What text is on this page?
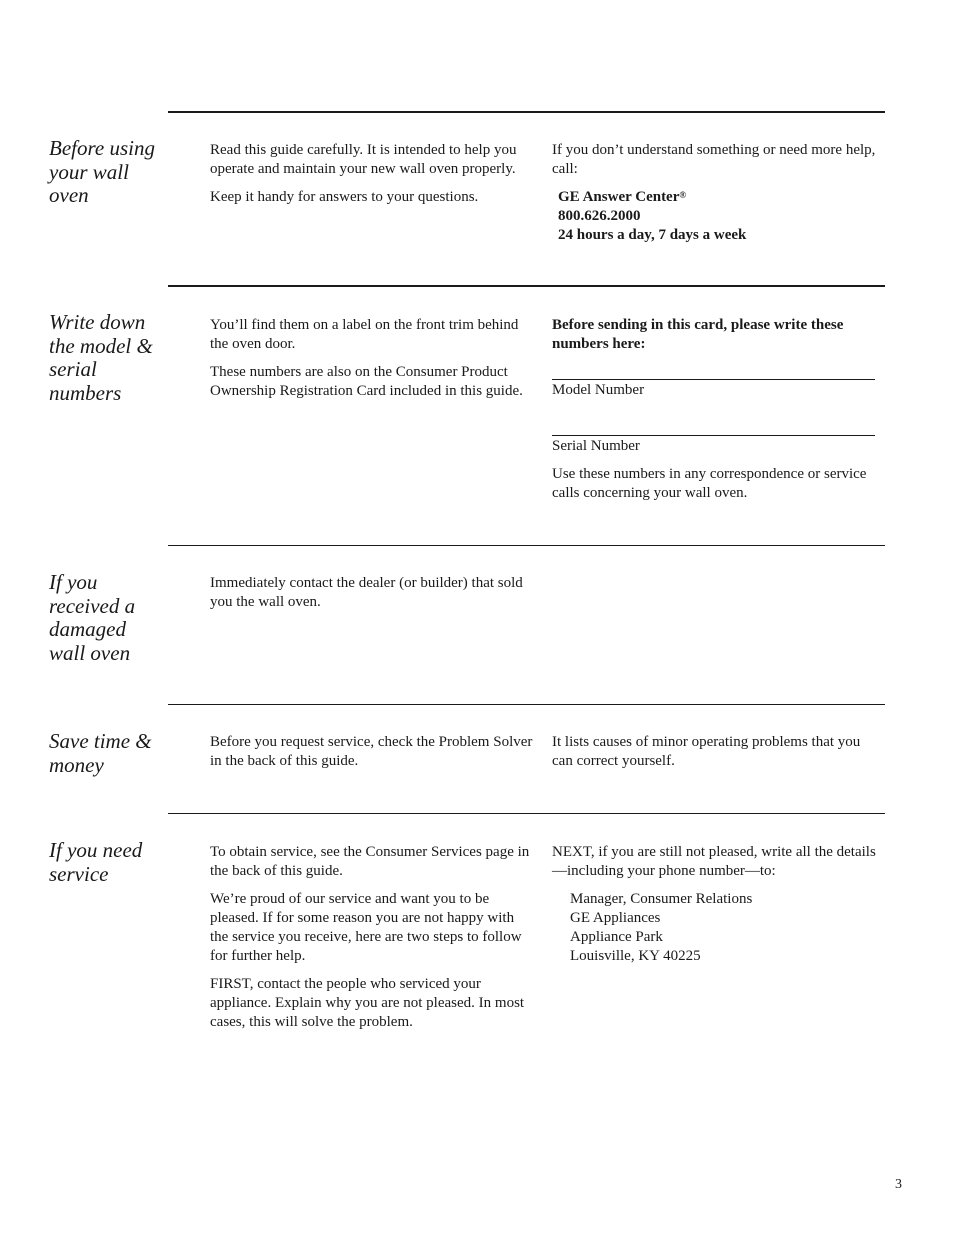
Before using your wall oven

Read this guide carefully. It is intended to help you operate and maintain your new wall oven properly.

Keep it handy for answers to your questions.

If you don’t understand something or need more help, call:

GE Answer Center®
800.626.2000
24 hours a day, 7 days a week
Write down the model & serial numbers

You’ll find them on a label on the front trim behind the oven door.

These numbers are also on the Consumer Product Ownership Registration Card included in this guide.

Before sending in this card, please write these numbers here:

Model Number
Serial Number

Use these numbers in any correspondence or service calls concerning your wall oven.

If you received a damaged wall oven

Immediately contact the dealer (or builder) that sold you the wall oven.

Save time & money

Before you request service, check the Problem Solver in the back of this guide.

It lists causes of minor operating problems that you can correct yourself.

If you need service

To obtain service, see the Consumer Services page in the back of this guide.

We’re proud of our service and want you to be pleased. If for some reason you are not happy with the service you receive, here are two steps to follow for further help.

FIRST, contact the people who serviced your appliance. Explain why you are not pleased. In most cases, this will solve the problem.

NEXT, if you are still not pleased, write all the details—including your phone number—to:

Manager, Consumer Relations
GE Appliances
Appliance Park
Louisville, KY 40225
3
